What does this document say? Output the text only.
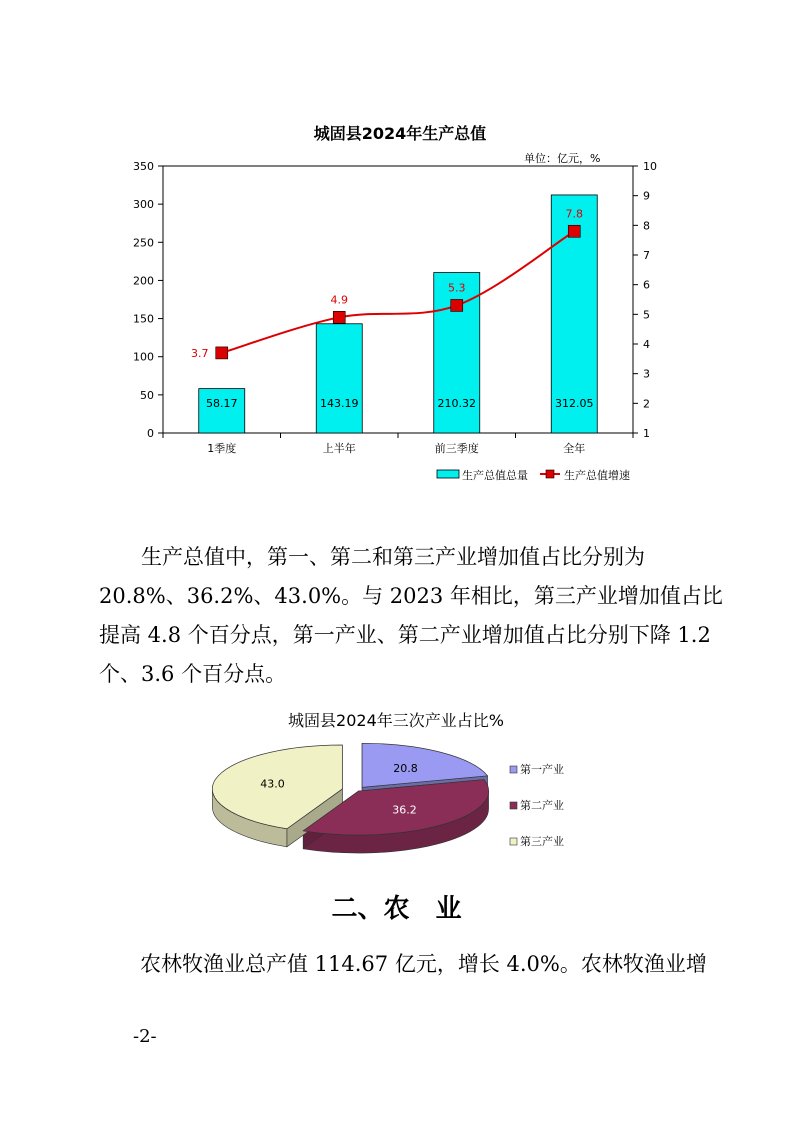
城固县2024年生产总值
单位：亿元，%
0
50
100
150
200
250
300
350
1
2
3
4
5
6
7
8
9
10
58.17	143.19	210.32	312.05
1季度	上半年	前三季度	全年
3.7
4.9
5.3
7.8
生产总值总量	生产总值增速
生产总值中，第一、第二和第三产业增加值占比分别为
20.8%、36.2%、43.0%。与 2023 年相比，第三产业增加值占比
提高 4.8 个百分点，第一产业、第二产业增加值占比分别下降 1.2
个、3.6 个百分点。
城固县2024年三次产业占比%
20.8
36.2
43.0
第一产业
第二产业
第三产业
二、农　业
农林牧渔业总产值 114.67 亿元，增长 4.0%。农林牧渔业增
-2-
